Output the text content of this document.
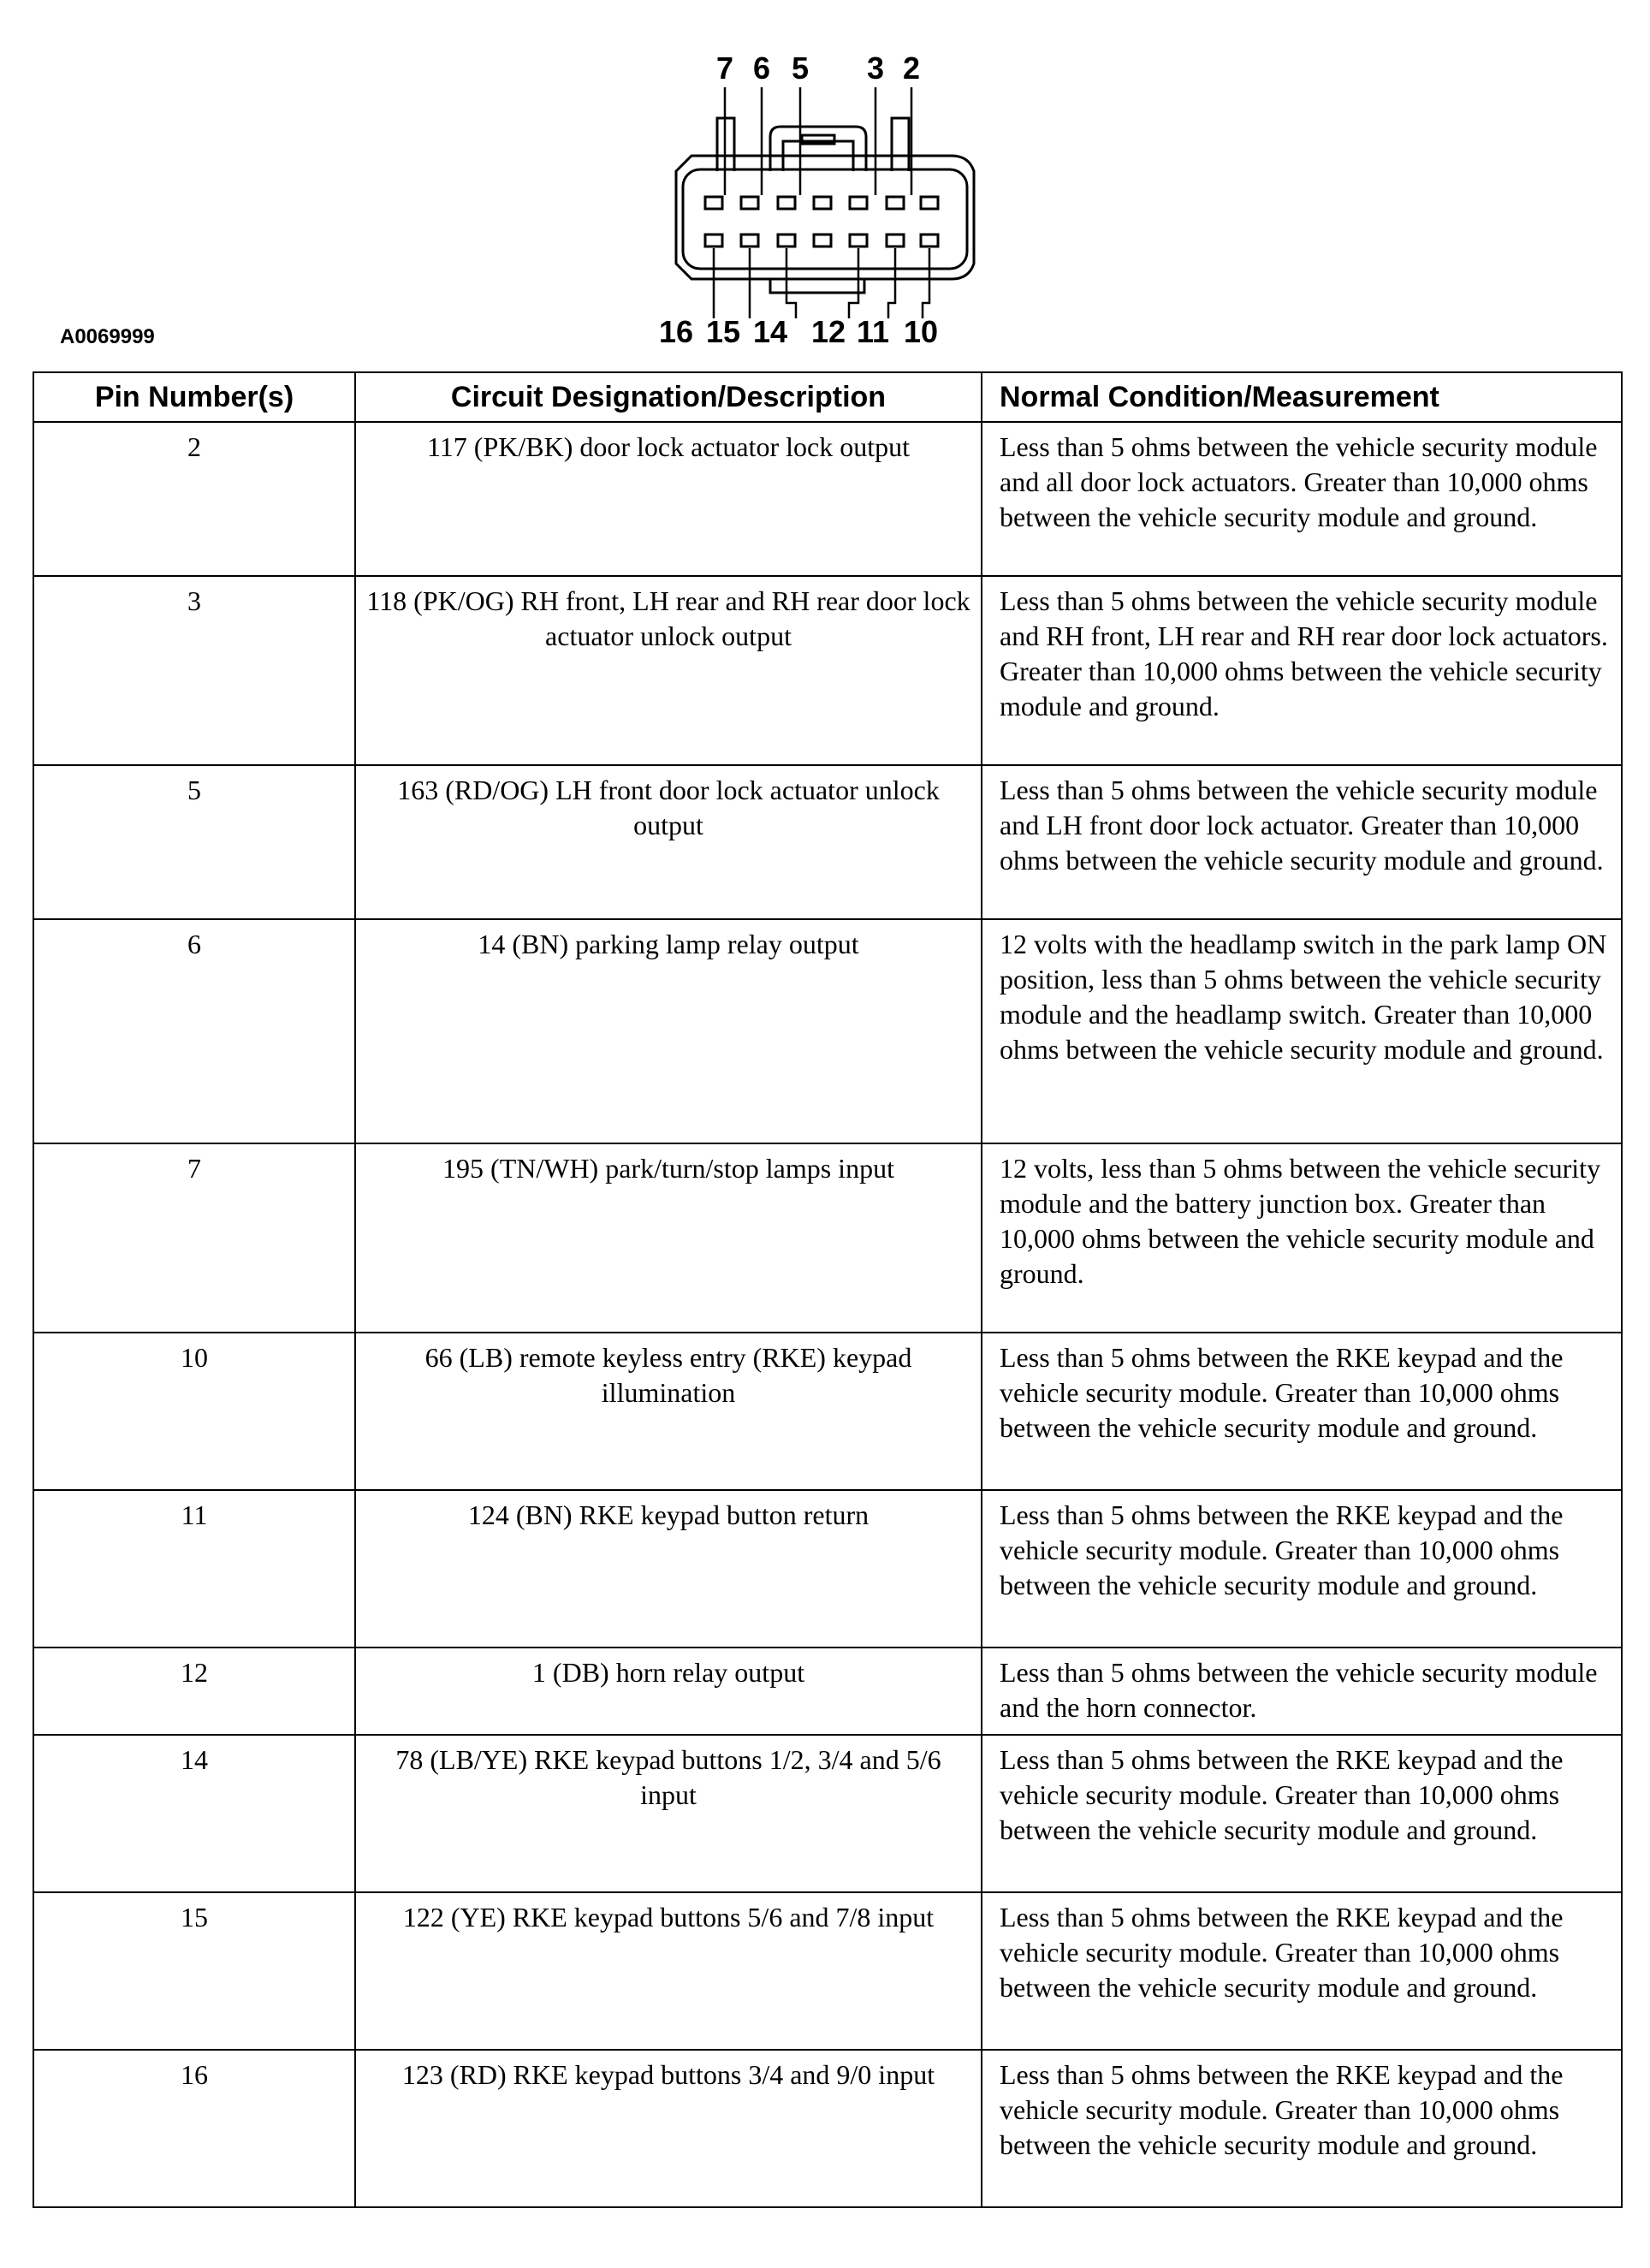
A0069999
7 6 5 3 2
16 15 14 12 11 10
Pin Number(s)	Circuit Designation/Description	Normal Condition/Measurement
2	117 (PK/BK) door lock actuator lock output	Less than 5 ohms between the vehicle security module and all door lock actuators. Greater than 10,000 ohms between the vehicle security module and ground.
3	118 (PK/OG) RH front, LH rear and RH rear door lock actuator unlock output	Less than 5 ohms between the vehicle security module and RH front, LH rear and RH rear door lock actuators. Greater than 10,000 ohms between the vehicle security module and ground.
5	163 (RD/OG) LH front door lock actuator unlock output	Less than 5 ohms between the vehicle security module and LH front door lock actuator. Greater than 10,000 ohms between the vehicle security module and ground.
6	14 (BN) parking lamp relay output	12 volts with the headlamp switch in the park lamp ON position, less than 5 ohms between the vehicle security module and the headlamp switch. Greater than 10,000 ohms between the vehicle security module and ground.
7	195 (TN/WH) park/turn/stop lamps input	12 volts, less than 5 ohms between the vehicle security module and the battery junction box. Greater than 10,000 ohms between the vehicle security module and ground.
10	66 (LB) remote keyless entry (RKE) keypad illumination	Less than 5 ohms between the RKE keypad and the vehicle security module. Greater than 10,000 ohms between the vehicle security module and ground.
11	124 (BN) RKE keypad button return	Less than 5 ohms between the RKE keypad and the vehicle security module. Greater than 10,000 ohms between the vehicle security module and ground.
12	1 (DB) horn relay output	Less than 5 ohms between the vehicle security module and the horn connector.
14	78 (LB/YE) RKE keypad buttons 1/2, 3/4 and 5/6 input	Less than 5 ohms between the RKE keypad and the vehicle security module. Greater than 10,000 ohms between the vehicle security module and ground.
15	122 (YE) RKE keypad buttons 5/6 and 7/8 input	Less than 5 ohms between the RKE keypad and the vehicle security module. Greater than 10,000 ohms between the vehicle security module and ground.
16	123 (RD) RKE keypad buttons 3/4 and 9/0 input	Less than 5 ohms between the RKE keypad and the vehicle security module. Greater than 10,000 ohms between the vehicle security module and ground.
